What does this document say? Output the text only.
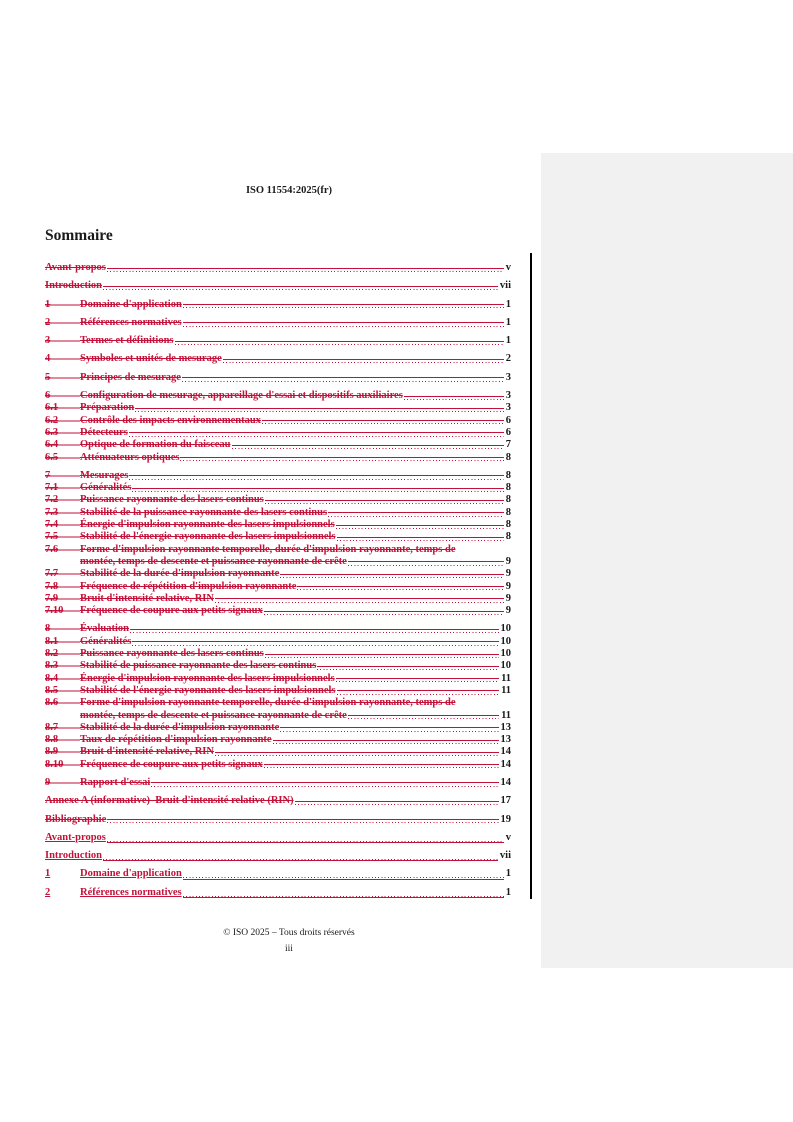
ISO 11554:2025(fr)
Sommaire
Avant-propos	v
Introduction	vii
1	Domaine d'application	1
2	Références normatives	1
3	Termes et définitions	1
4	Symboles et unités de mesurage	2
5	Principes de mesurage	3
6	Configuration de mesurage, appareillage d'essai et dispositifs auxiliaires	3
6.1	Préparation	3
6.2	Contrôle des impacts environnementaux	6
6.3	Détecteurs	6
6.4	Optique de formation du faisceau	7
6.5	Atténuateurs optiques	8
7	Mesurages	8
7.1	Généralités	8
7.2	Puissance rayonnante des lasers continus	8
7.3	Stabilité de la puissance rayonnante des lasers continus	8
7.4	Énergie d'impulsion rayonnante des lasers impulsionnels	8
7.5	Stabilité de l'énergie rayonnante des lasers impulsionnels	8
7.6	Forme d'impulsion rayonnante temporelle, durée d'impulsion rayonnante, temps de
montée, temps de descente et puissance rayonnante de crête	9
7.7	Stabilité de la durée d'impulsion rayonnante	9
7.8	Fréquence de répétition d'impulsion rayonnante	9
7.9	Bruit d'intensité relative, RIN	9
7.10	Fréquence de coupure aux petits signaux	9
8	Évaluation	10
8.1	Généralités	10
8.2	Puissance rayonnante des lasers continus	10
8.3	Stabilité de puissance rayonnante des lasers continus	10
8.4	Énergie d'impulsion rayonnante des lasers impulsionnels	11
8.5	Stabilité de l'énergie rayonnante des lasers impulsionnels	11
8.6	Forme d'impulsion rayonnante temporelle, durée d'impulsion rayonnante, temps de
montée, temps de descente et puissance rayonnante de crête	11
8.7	Stabilité de la durée d'impulsion rayonnante	13
8.8	Taux de répétition d'impulsion rayonnante	13
8.9	Bruit d'intensité relative, RIN	14
8.10	Fréquence de coupure aux petits signaux	14
9	Rapport d'essai	14
Annexe A (informative)  Bruit d'intensité relative (RIN)	17
Bibliographie	19
Avant-propos	v
Introduction	vii
1	Domaine d'application	1
2	Références normatives	1
© ISO 2025 – Tous droits réservés
iii
